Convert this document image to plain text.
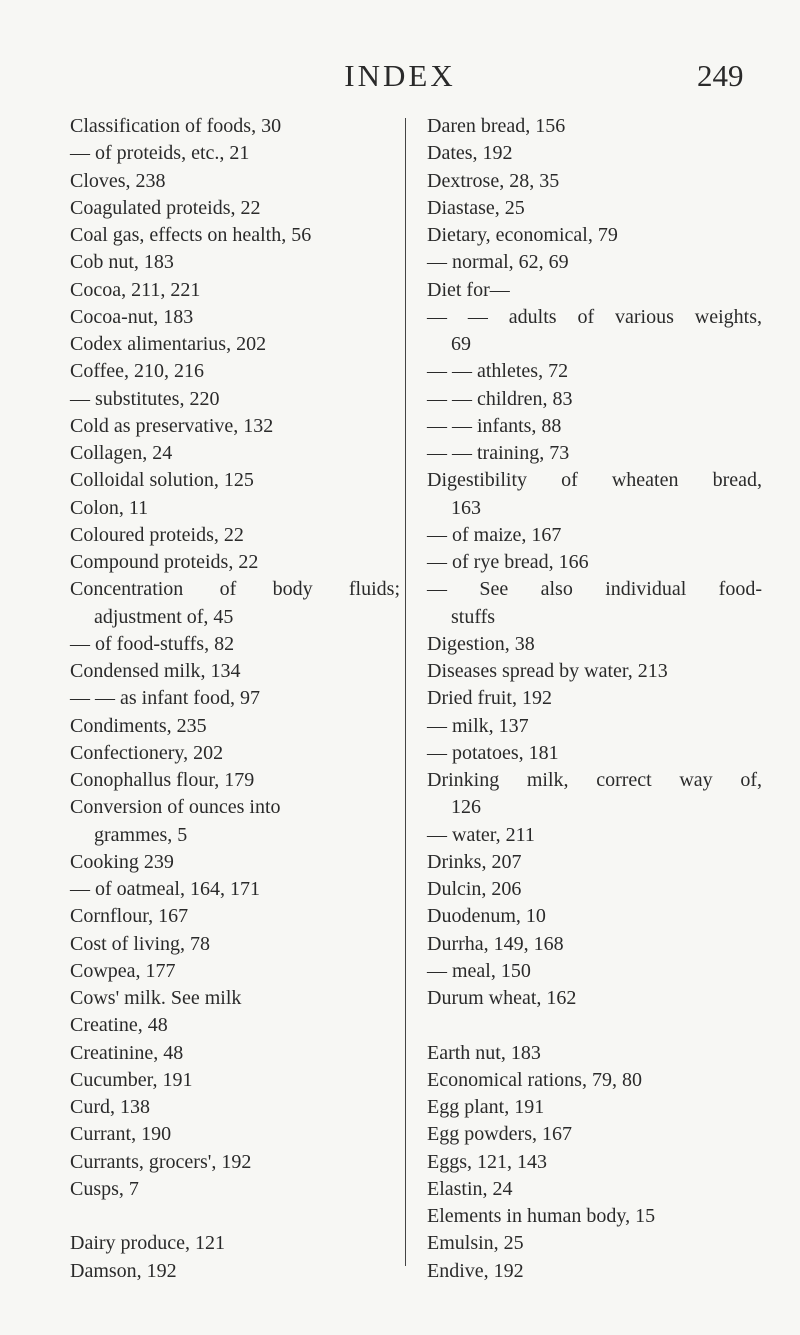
INDEX	249
Classification of foods, 30
— of proteids, etc., 21
Cloves, 238
Coagulated proteids, 22
Coal gas, effects on health, 56
Cob nut, 183
Cocoa, 211, 221
Cocoa-nut, 183
Codex alimentarius, 202
Coffee, 210, 216
— substitutes, 220
Cold as preservative, 132
Collagen, 24
Colloidal solution, 125
Colon, 11
Coloured proteids, 22
Compound proteids, 22
Concentration of body fluids;
adjustment of, 45
— of food-stuffs, 82
Condensed milk, 134
— — as infant food, 97
Condiments, 235
Confectionery, 202
Conophallus flour, 179
Conversion of ounces into
grammes, 5
Cooking 239
— of oatmeal, 164, 171
Cornflour, 167
Cost of living, 78
Cowpea, 177
Cows' milk. See milk
Creatine, 48
Creatinine, 48
Cucumber, 191
Curd, 138
Currant, 190
Currants, grocers', 192
Cusps, 7
Dairy produce, 121
Damson, 192
Daren bread, 156
Dates, 192
Dextrose, 28, 35
Diastase, 25
Dietary, economical, 79
— normal, 62, 69
Diet for—
— — adults of various weights,
69
— — athletes, 72
— — children, 83
— — infants, 88
— — training, 73
Digestibility of wheaten bread,
163
— of maize, 167
— of rye bread, 166
— See also individual food-
stuffs
Digestion, 38
Diseases spread by water, 213
Dried fruit, 192
— milk, 137
— potatoes, 181
Drinking milk, correct way of,
126
— water, 211
Drinks, 207
Dulcin, 206
Duodenum, 10
Durrha, 149, 168
— meal, 150
Durum wheat, 162
Earth nut, 183
Economical rations, 79, 80
Egg plant, 191
Egg powders, 167
Eggs, 121, 143
Elastin, 24
Elements in human body, 15
Emulsin, 25
Endive, 192
